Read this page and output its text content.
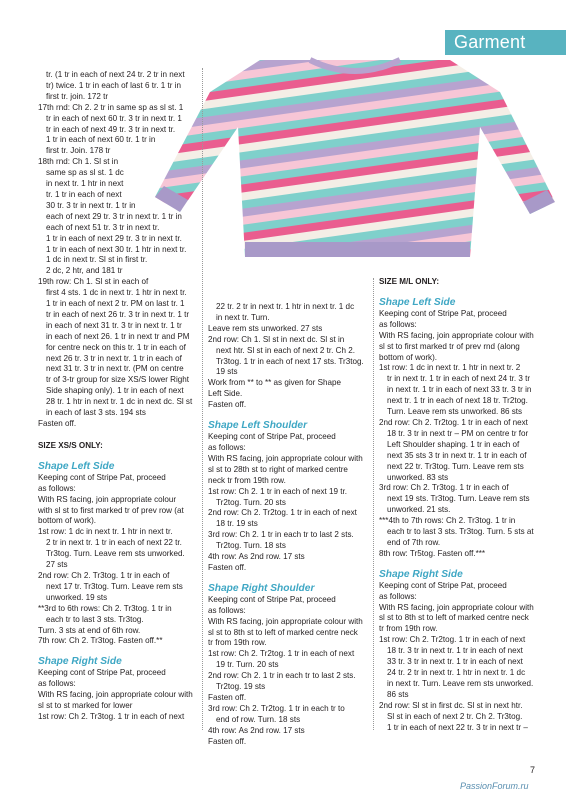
Garment

tr. (1 tr in each of next 24 tr. 2 tr in next

tr) twice. 1 tr in each of last 6 tr. 1 tr in

first tr. join. 172 tr

17th rnd: Ch 2. 2 tr in same sp as sl st. 1

tr in each of next 60 tr. 3 tr in next tr. 1

tr in each of next 49 tr. 3 tr in next tr.

1 tr in each of next 60 tr. 1 tr in

first tr. Join. 178 tr

18th rnd: Ch 1. Sl st in

same sp as sl st. 1 dc

in next tr. 1 htr in next

tr. 1 tr in each of next

30 tr. 3 tr in next tr. 1 tr in

each of next 29 tr. 3 tr in next tr. 1 tr in

each of next 51 tr. 3 tr in next tr.

1 tr in each of next 29 tr. 3 tr in next tr.

1 tr in each of next 30 tr. 1 htr in next tr.

1 dc in next tr. Sl st in first tr.

2 dc, 2 htr, and 181 tr

19th row: Ch 1. Sl st in each of

first 4 sts. 1 dc in next tr. 1 htr in next tr.

1 tr in each of next 2 tr. PM on last tr. 1

tr in each of next 26 tr. 3 tr in next tr. 1 tr

in each of next 31 tr. 3 tr in next tr. 1 tr

in each of next 26. 1 tr in next tr and PM

for centre neck on this tr. 1 tr in each of

next 26 tr. 3 tr in next tr. 1 tr in each of

next 31 tr. 3 tr in next tr. (PM on centre

tr of 3-tr group for size XS/S lower Right

Side shaping only). 1 tr in each of next

28 tr. 1 htr in next tr. 1 dc in next dc. Sl st

in each of last 3 sts. 194 sts

Fasten off.

SIZE XS/S ONLY:

Shape Left Side

Keeping cont of Stripe Pat, proceed

as follows:

With RS facing, join appropriate colour

with sl st to first marked tr of prev row (at

bottom of work).

1st row: 1 dc in next tr. 1 htr in next tr.

2 tr in next tr. 1 tr in each of next 22 tr.

Tr3tog. Turn. Leave rem sts unworked.

27 sts

2nd row: Ch 2. Tr3tog. 1 tr in each of

next 17 tr. Tr3tog. Turn. Leave rem sts

unworked. 19 sts

**3rd to 6th rows: Ch 2. Tr3tog. 1 tr in

each tr to last 3 sts. Tr3tog.

Turn. 3 sts at end of 6th row.

7th row: Ch 2. Tr3tog. Fasten off.**

Shape Right Side

Keeping cont of Stripe Pat, proceed

as follows:

With RS facing, join appropriate colour with

sl st to st marked for lower

1st row: Ch 2. Tr3tog. 1 tr in each of next

22 tr. 2 tr in next tr. 1 htr in next tr. 1 dc

in next tr. Turn.

Leave rem sts unworked. 27 sts

2nd row: Ch 1. Sl st in next dc. Sl st in

next htr. Sl st in each of next 2 tr. Ch 2.

Tr3tog. 1 tr in each of next 17 sts. Tr3tog.

19 sts

Work from ** to ** as given for Shape

Left Side.

Fasten off.

Shape Left Shoulder

Keeping cont of Stripe Pat, proceed

as follows:

With RS facing, join appropriate colour with

sl st to 28th st to right of marked centre

neck tr from 19th row.

1st row: Ch 2. 1 tr in each of next 19 tr.

Tr2tog. Turn. 20 sts

2nd row: Ch 2. Tr2tog. 1 tr in each of next

18 tr. 19 sts

3rd row: Ch 2. 1 tr in each tr to last 2 sts.

Tr2tog. Turn. 18 sts

4th row: As 2nd row. 17 sts

Fasten off.

Shape Right Shoulder

Keeping cont of Stripe Pat, proceed

as follows:

With RS facing, join appropriate colour with

sl st to 8th st to left of marked centre neck

tr from 19th row.

1st row: Ch 2. Tr2tog. 1 tr in each of next

19 tr. Turn. 20 sts

2nd row: Ch 2. 1 tr in each tr to last 2 sts.

Tr2tog. 19 sts

Fasten off.

3rd row: Ch 2. Tr2tog. 1 tr in each tr to

end of row. Turn. 18 sts

4th row: As 2nd row. 17 sts

Fasten off.

SIZE M/L ONLY:

Shape Left Side

Keeping cont of Stripe Pat, proceed

as follows:

With RS facing, join appropriate colour with

sl st to first marked tr of prev rnd (along

bottom of work).

1st row: 1 dc in next tr. 1 htr in next tr. 2

tr in next tr. 1 tr in each of next 24 tr. 3 tr

in next tr. 1 tr in each of next 33 tr. 3 tr in

next tr. 1 tr in each of next 18 tr. Tr2tog.

Turn. Leave rem sts unworked. 86 sts

2nd row: Ch 2. Tr2tog. 1 tr in each of next

18 tr. 3 tr in next tr – PM on centre tr for

Left Shoulder shaping. 1 tr in each of

next 35 sts 3 tr in next tr. 1 tr in each of

next 22 tr. Tr3tog. Turn. Leave rem sts

unworked. 83 sts

3rd row: Ch 2. Tr3tog. 1 tr in each of

next 19 sts. Tr3tog. Turn. Leave rem sts

unworked. 21 sts.

***4th to 7th rows: Ch 2. Tr3tog. 1 tr in

each tr to last 3 sts. Tr3tog. Turn. 5 sts at

end of 7th row.

8th row: Tr5tog. Fasten off.***

Shape Right Side

Keeping cont of Stripe Pat, proceed

as follows:

With RS facing, join appropriate colour with

sl st to 8th st to left of marked centre neck

tr from 19th row.

1st row: Ch 2. Tr2tog. 1 tr in each of next

18 tr. 3 tr in next tr. 1 tr in each of next

33 tr. 3 tr in next tr. 1 tr in each of next

24 tr. 2 tr in next tr. 1 htr in next tr. 1 dc

in next tr. Turn. Leave rem sts unworked.

86 sts

2nd row: Sl st in first dc. Sl st in next htr.

Sl st in each of next 2 tr. Ch 2. Tr3tog.

1 tr in each of next 22 tr. 3 tr in next tr –

7
PassionForum.ru
